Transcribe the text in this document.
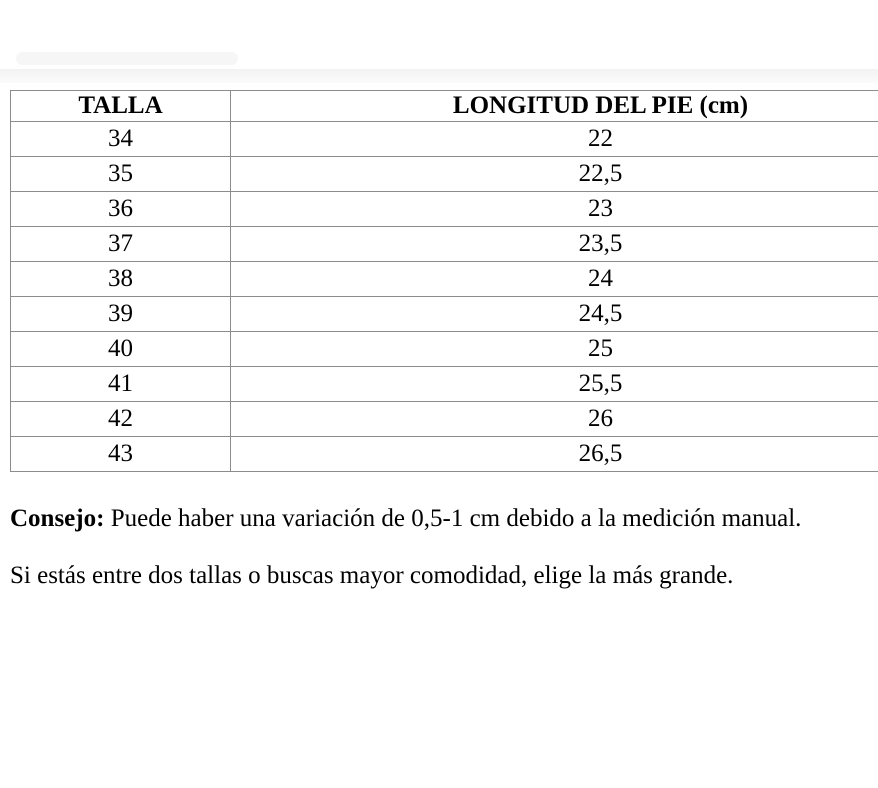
TALLA	LONGITUD DEL PIE (cm)
34	22
35	22,5
36	23
37	23,5
38	24
39	24,5
40	25
41	25,5
42	26
43	26,5

Consejo: Puede haber una variación de 0,5-1 cm debido a la medición manual.

Si estás entre dos tallas o buscas mayor comodidad, elige la más grande.
